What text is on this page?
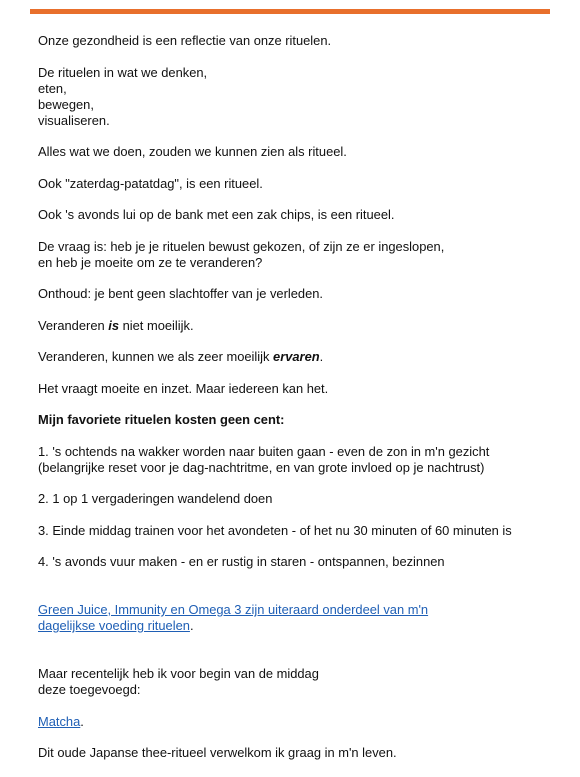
Onze gezondheid is een reflectie van onze rituelen.

De rituelen in wat we denken,
eten,
bewegen,
visualiseren.

Alles wat we doen, zouden we kunnen zien als ritueel.

Ook "zaterdag-patatdag", is een ritueel.

Ook 's avonds lui op de bank met een zak chips, is een ritueel.

De vraag is: heb je je rituelen bewust gekozen, of zijn ze er ingeslopen,
en heb je moeite om ze te veranderen?

Onthoud: je bent geen slachtoffer van je verleden.

Veranderen is niet moeilijk.

Veranderen, kunnen we als zeer moeilijk ervaren.

Het vraagt moeite en inzet. Maar iedereen kan het.

Mijn favoriete rituelen kosten geen cent:

1. 's ochtends na wakker worden naar buiten gaan - even de zon in m'n gezicht
(belangrijke reset voor je dag-nachtritme, en van grote invloed op je nachtrust)

2. 1 op 1 vergaderingen wandelend doen

3. Einde middag trainen voor het avondeten - of het nu 30 minuten of 60 minuten is

4. 's avonds vuur maken - en er rustig in staren - ontspannen, bezinnen

Green Juice, Immunity en Omega 3 zijn uiteraard onderdeel van m'n
dagelijkse voeding rituelen.

Maar recentelijk heb ik voor begin van de middag
deze toegevoegd:

Matcha.

Dit oude Japanse thee-ritueel verwelkom ik graag in m'n leven.
